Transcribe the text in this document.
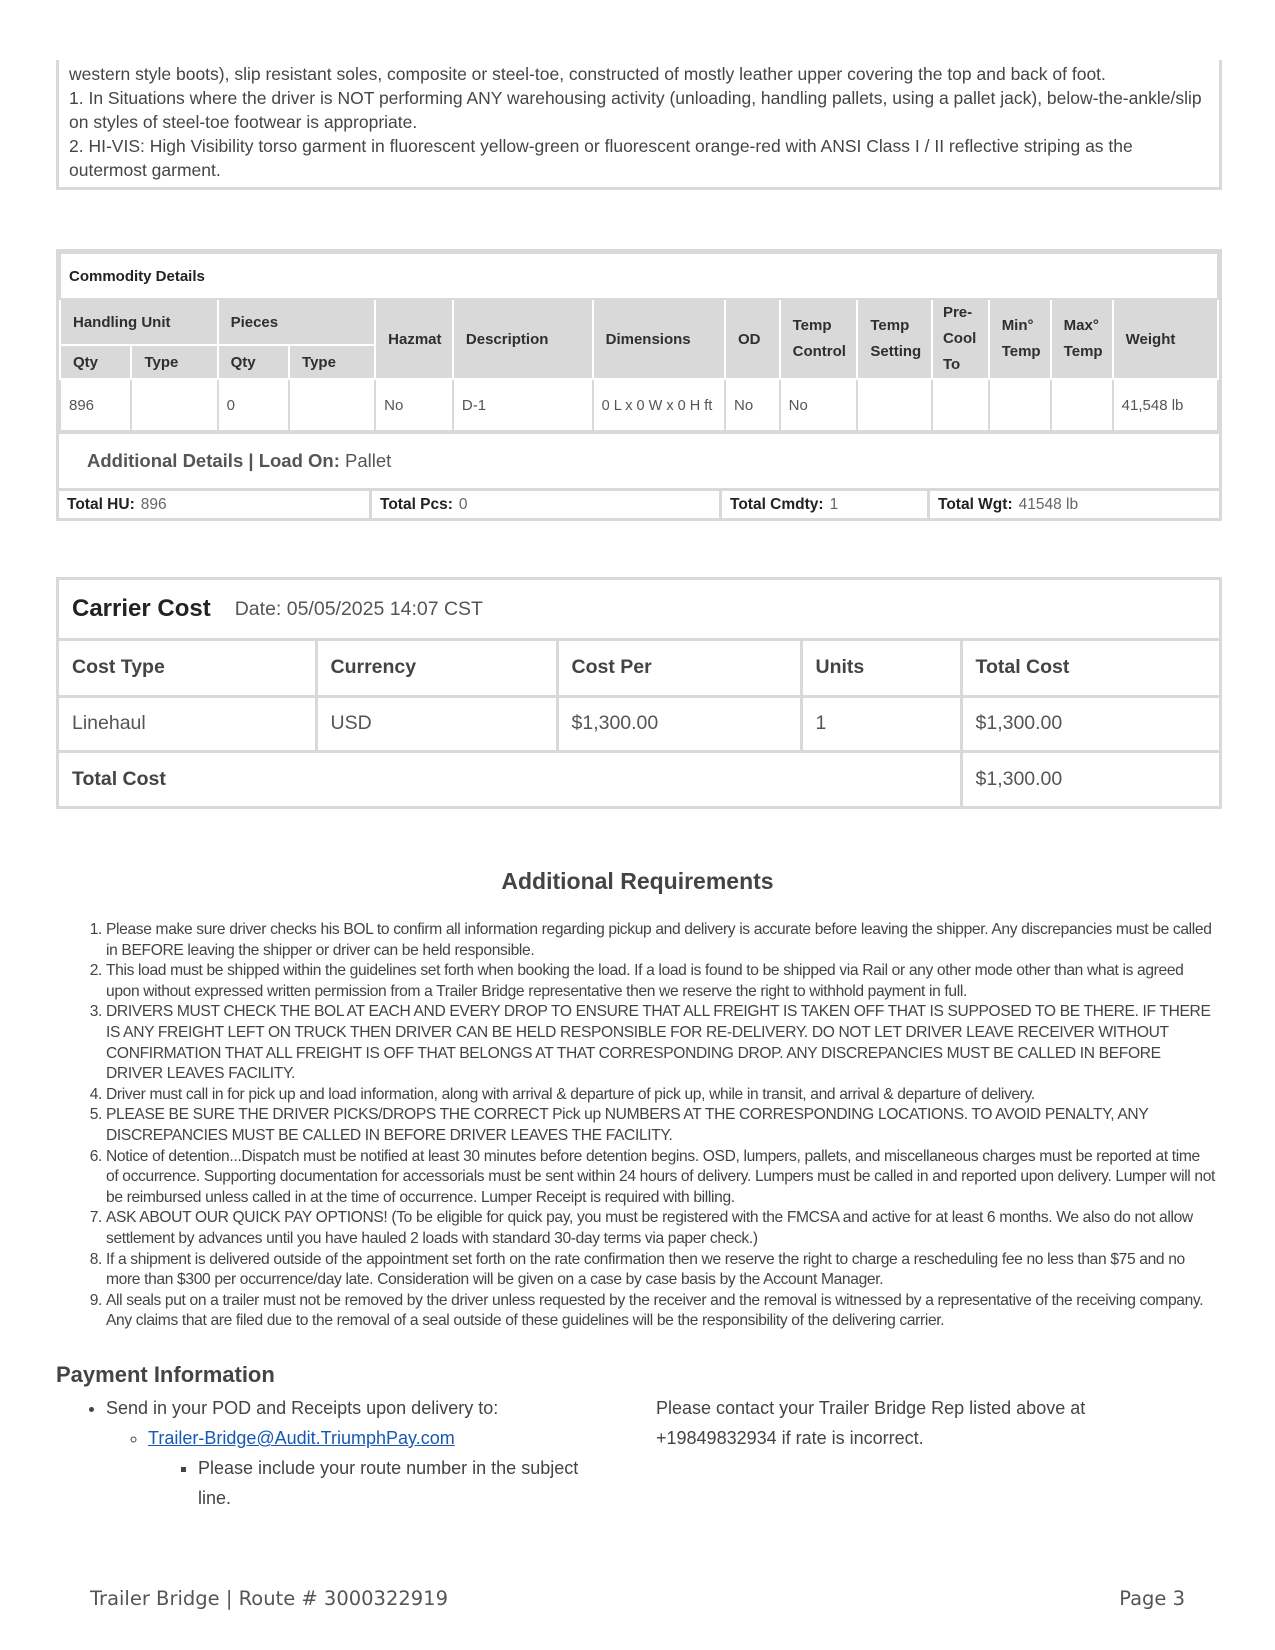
western style boots), slip resistant soles, composite or steel-toe, constructed of mostly leather upper covering the top and back of foot.

1. In Situations where the driver is NOT performing ANY warehousing activity (unloading, handling pallets, using a pallet jack), below-the-ankle/slip on styles of steel-toe footwear is appropriate.

2. HI-VIS: High Visibility torso garment in fluorescent yellow-green or fluorescent orange-red with ANSI Class I / II reflective striping as the outermost garment.

Commodity Details													
Handling Unit		Pieces		Hazmat	Description	Dimensions	OD	Temp Control	Temp Setting	Pre-Cool To	Min° Temp	Max° Temp	Weight
Qty	Type	Qty	Type										
896		0		No	D-1	0 L x 0 W x 0 H ft	No	No					41,548 lb
Additional Details | Load On: Pallet
Total HU: 896	Total Pcs: 0	Total Cmdty: 1	Total Wgt: 41548 lb
Carrier Cost Date: 05/05/2025 14:07 CST
Cost Type	Currency	Cost Per	Units	Total Cost
Linehaul	USD	$1,300.00	1	$1,300.00
Total Cost				$1,300.00
Additional Requirements
1. Please make sure driver checks his BOL to confirm all information regarding pickup and delivery is accurate before leaving the shipper. Any discrepancies must be called in BEFORE leaving the shipper or driver can be held responsible.
2. This load must be shipped within the guidelines set forth when booking the load. If a load is found to be shipped via Rail or any other mode other than what is agreed upon without expressed written permission from a Trailer Bridge representative then we reserve the right to withhold payment in full.
3. DRIVERS MUST CHECK THE BOL AT EACH AND EVERY DROP TO ENSURE THAT ALL FREIGHT IS TAKEN OFF THAT IS SUPPOSED TO BE THERE. IF THERE IS ANY FREIGHT LEFT ON TRUCK THEN DRIVER CAN BE HELD RESPONSIBLE FOR RE-DELIVERY. DO NOT LET DRIVER LEAVE RECEIVER WITHOUT CONFIRMATION THAT ALL FREIGHT IS OFF THAT BELONGS AT THAT CORRESPONDING DROP. ANY DISCREPANCIES MUST BE CALLED IN BEFORE DRIVER LEAVES FACILITY.
4. Driver must call in for pick up and load information, along with arrival & departure of pick up, while in transit, and arrival & departure of delivery.
5. PLEASE BE SURE THE DRIVER PICKS/DROPS THE CORRECT Pick up NUMBERS AT THE CORRESPONDING LOCATIONS. TO AVOID PENALTY, ANY DISCREPANCIES MUST BE CALLED IN BEFORE DRIVER LEAVES THE FACILITY.
6. Notice of detention...Dispatch must be notified at least 30 minutes before detention begins. OSD, lumpers, pallets, and miscellaneous charges must be reported at time of occurrence. Supporting documentation for accessorials must be sent within 24 hours of delivery. Lumpers must be called in and reported upon delivery. Lumper will not be reimbursed unless called in at the time of occurrence. Lumper Receipt is required with billing.
7. ASK ABOUT OUR QUICK PAY OPTIONS! (To be eligible for quick pay, you must be registered with the FMCSA and active for at least 6 months. We also do not allow settlement by advances until you have hauled 2 loads with standard 30-day terms via paper check.)
8. If a shipment is delivered outside of the appointment set forth on the rate confirmation then we reserve the right to charge a rescheduling fee no less than $75 and no more than $300 per occurrence/day late. Consideration will be given on a case by case basis by the Account Manager.
9. All seals put on a trailer must not be removed by the driver unless requested by the receiver and the removal is witnessed by a representative of the receiving company. Any claims that are filed due to the removal of a seal outside of these guidelines will be the responsibility of the delivering carrier.
Payment Information
• Send in your POD and Receipts upon delivery to:
◦ Trailer-Bridge@Audit.TriumphPay.com
▪ Please include your route number in the subject line.
Please contact your Trailer Bridge Rep listed above at +19849832934 if rate is incorrect.
Trailer Bridge | Route # 3000322919	Page 3
